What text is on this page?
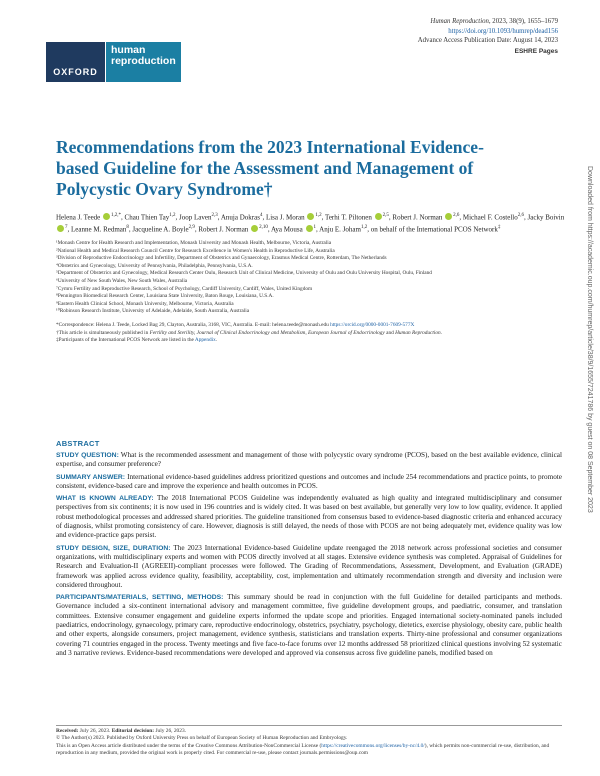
OXFORD
human
reproduction
Human Reproduction, 2023, 38(9), 1655–1679
https://doi.org/10.1093/humrep/dead156
Advance Access Publication Date: August 14, 2023
ESHRE Pages
Recommendations from the 2023 International Evidence-based Guideline for the Assessment and Management of Polycystic Ovary Syndrome†
Helena J. Teede $^{1,2,*}$, Chau Thien Tay$^{1,2}$, Joop Laven$^{2,3}$, Anuja Dokras$^4$, Lisa J. Moran $^{1,2}$, Terhi T. Piltonen $^{2,5}$, Robert J. Norman $^{2,6}$, Michael F. Costello$^{2,6}$, Jacky Boivin $^7$, Leanne M. Redman$^8$, Jacqueline A. Boyle$^{2,9}$, Robert J. Norman $^{2,10}$, Aya Mousa $^1$, Anju E. Joham$^{1,2}$, on behalf of the International PCOS Network‡
¹Monash Centre for Health Research and Implementation, Monash University and Monash Health, Melbourne, Victoria, Australia
²National Health and Medical Research Council Centre for Research Excellence in Women's Health in Reproductive Life, Australia
³Division of Reproductive Endocrinology and Infertility, Department of Obstetrics and Gynaecology, Erasmus Medical Centre, Rotterdam, The Netherlands
⁴Obstetrics and Gynecology, University of Pennsylvania, Philadelphia, Pennsylvania, U.S.A.
⁵Department of Obstetrics and Gynecology, Medical Research Center Oulu, Research Unit of Clinical Medicine, University of Oulu and Oulu University Hospital, Oulu, Finland
⁶University of New South Wales, New South Wales, Australia
⁷Cymru Fertility and Reproductive Research, School of Psychology, Cardiff University, Cardiff, Wales, United Kingdom
⁸Pennington Biomedical Research Center, Louisiana State University, Baton Rouge, Louisiana, U.S.A.
⁹Eastern Health Clinical School, Monash University, Melbourne, Victoria, Australia
¹⁰Robinson Research Institute, University of Adelaide, Adelaide, South Australia, Australia
*Correspondence: Helena J. Teede, Locked Bag 29, Clayton, Australia, 3168, VIC, Australia. E-mail: helena.teede@monash.edu https://orcid.org/0000-0001-7609-577X
†This article is simultaneously published in Fertility and Sterility, Journal of Clinical Endocrinology and Metabolism, European Journal of Endocrinology and Human Reproduction.
‡Participants of the International PCOS Network are listed in the Appendix.
ABSTRACT

STUDY QUESTION: What is the recommended assessment and management of those with polycystic ovary syndrome (PCOS), based on the best available evidence, clinical expertise, and consumer preference?

SUMMARY ANSWER: International evidence-based guidelines address prioritized questions and outcomes and include 254 recommendations and practice points, to promote consistent, evidence-based care and improve the experience and health outcomes in PCOS.

WHAT IS KNOWN ALREADY: The 2018 International PCOS Guideline was independently evaluated as high quality and integrated multidisciplinary and consumer perspectives from six continents; it is now used in 196 countries and is widely cited. It was based on best available, but generally very low to low quality, evidence. It applied robust methodological processes and addressed shared priorities. The guideline transitioned from consensus based to evidence-based diagnostic criteria and enhanced accuracy of diagnosis, whilst promoting consistency of care. However, diagnosis is still delayed, the needs of those with PCOS are not being adequately met, evidence quality was low and evidence-practice gaps persist.

STUDY DESIGN, SIZE, DURATION: The 2023 International Evidence-based Guideline update reengaged the 2018 network across professional societies and consumer organizations, with multidisciplinary experts and women with PCOS directly involved at all stages. Extensive evidence synthesis was completed. Appraisal of Guidelines for Research and Evaluation-II (AGREEII)-compliant processes were followed. The Grading of Recommendations, Assessment, Development, and Evaluation (GRADE) framework was applied across evidence quality, feasibility, acceptability, cost, implementation and ultimately recommendation strength and diversity and inclusion were considered throughout.

PARTICIPANTS/MATERIALS, SETTING, METHODS: This summary should be read in conjunction with the full Guideline for detailed participants and methods. Governance included a six-continent international advisory and management committee, five guideline development groups, and paediatric, consumer, and translation committees. Extensive consumer engagement and guideline experts informed the update scope and priorities. Engaged international society-nominated panels included paediatrics, endocrinology, gynaecology, primary care, reproductive endocrinology, obstetrics, psychiatry, psychology, dietetics, exercise physiology, obesity care, public health and other experts, alongside consumers, project management, evidence synthesis, statisticians and translation experts. Thirty-nine professional and consumer organizations covering 71 countries engaged in the process. Twenty meetings and five face-to-face forums over 12 months addressed 58 prioritized clinical questions involving 52 systematic and 3 narrative reviews. Evidence-based recommendations were developed and approved via consensus across five guideline panels, modified based on

Received: July 26, 2023. Editorial decision: July 26, 2023.
© The Author(s) 2023. Published by Oxford University Press on behalf of European Society of Human Reproduction and Embryology.
This is an Open Access article distributed under the terms of the Creative Commons Attribution-NonCommercial License (https://creativecommons.org/licenses/by-nc/4.0/), which permits non-commercial re-use, distribution, and reproduction in any medium, provided the original work is properly cited. For commercial re-use, please contact journals.permissions@oup.com
Downloaded from https://academic.oup.com/humrep/article/38/9/1655/7241786 by guest on 08 September 2023
